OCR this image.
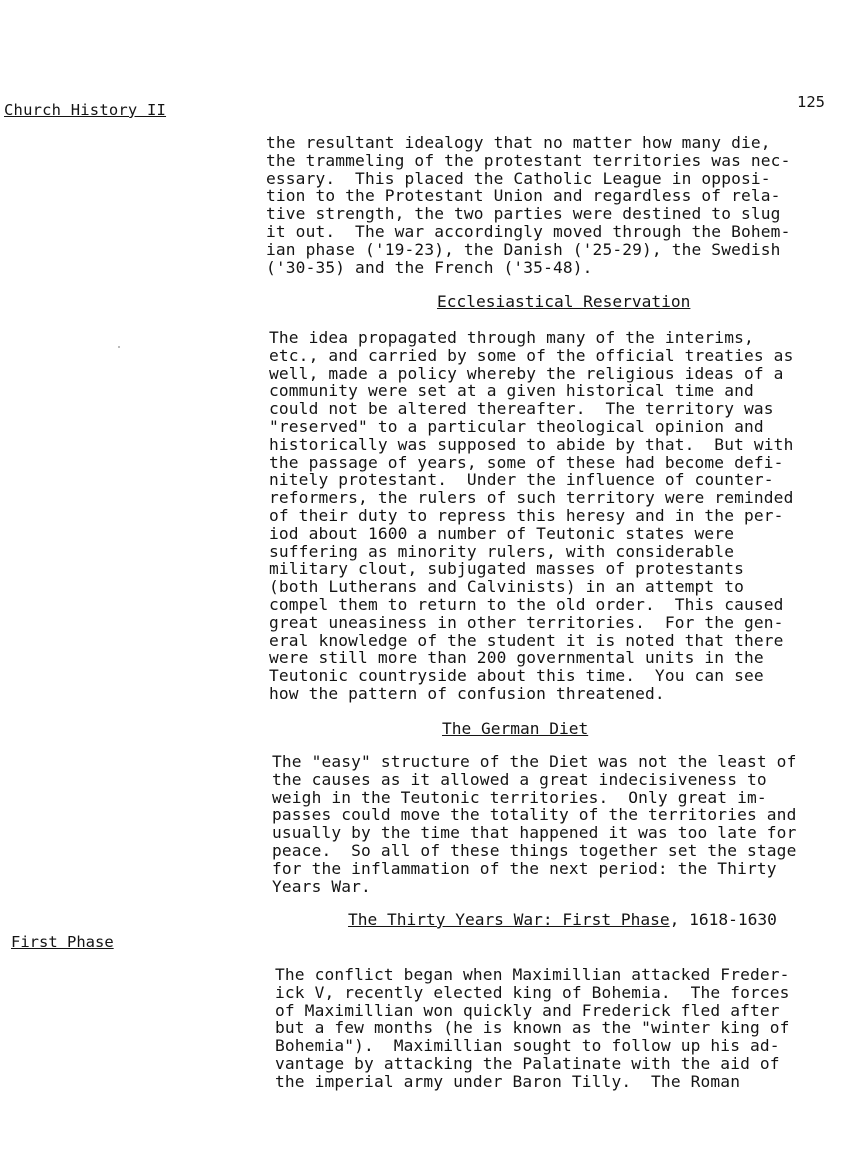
Church History II	125
the resultant idealogy that no matter how many die,
the trammeling of the protestant territories was nec-
essary.  This placed the Catholic League in opposi-
tion to the Protestant Union and regardless of rela-
tive strength, the two parties were destined to slug
it out.  The war accordingly moved through the Bohem-
ian phase ('19-23), the Danish ('25-29), the Swedish
('30-35) and the French ('35-48).
Ecclesiastical Reservation
The idea propagated through many of the interims,
etc., and carried by some of the official treaties as
well, made a policy whereby the religious ideas of a
community were set at a given historical time and
could not be altered thereafter.  The territory was
"reserved" to a particular theological opinion and
historically was supposed to abide by that.  But with
the passage of years, some of these had become defi-
nitely protestant.  Under the influence of counter-
reformers, the rulers of such territory were reminded
of their duty to repress this heresy and in the per-
iod about 1600 a number of Teutonic states were
suffering as minority rulers, with considerable
military clout, subjugated masses of protestants
(both Lutherans and Calvinists) in an attempt to
compel them to return to the old order.  This caused
great uneasiness in other territories.  For the gen-
eral knowledge of the student it is noted that there
were still more than 200 governmental units in the
Teutonic countryside about this time.  You can see
how the pattern of confusion threatened.
The German Diet
The "easy" structure of the Diet was not the least of
the causes as it allowed a great indecisiveness to
weigh in the Teutonic territories.  Only great im-
passes could move the totality of the territories and
usually by the time that happened it was too late for
peace.  So all of these things together set the stage
for the inflammation of the next period: the Thirty
Years War.
First Phase
The Thirty Years War: First Phase, 1618-1630
The conflict began when Maximillian attacked Freder-
ick V, recently elected king of Bohemia.  The forces
of Maximillian won quickly and Frederick fled after
but a few months (he is known as the "winter king of
Bohemia").  Maximillian sought to follow up his ad-
vantage by attacking the Palatinate with the aid of
the imperial army under Baron Tilly.  The Roman
